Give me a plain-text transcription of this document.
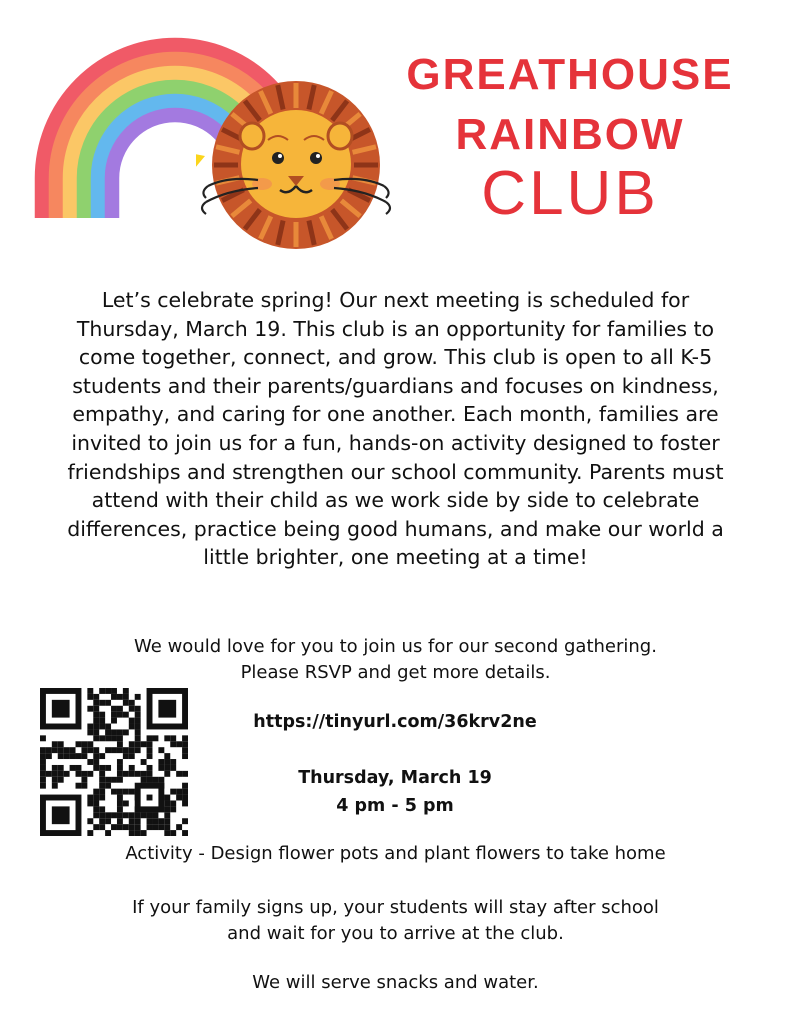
GREATHOUSE
RAINBOW
CLUB

Let’s celebrate spring! Our next meeting is scheduled for Thursday, March 19. This club is an opportunity for families to come together, connect, and grow. This club is open to all K-5 students and their parents/guardians and focuses on kindness, empathy, and caring for one another. Each month, families are invited to join us for a fun, hands-on activity designed to foster friendships and strengthen our school community. Parents must attend with their child as we work side by side to celebrate differences, practice being good humans, and make our world a little brighter, one meeting at a time!

We would love for you to join us for our second gathering.
Please RSVP and get more details.
https://tinyurl.com/36krv2ne
Thursday, March 19
4 pm - 5 pm
Activity - Design flower pots and plant flowers to take home
If your family signs up, your students will stay after school
and wait for you to arrive at the club.
We will serve snacks and water.
